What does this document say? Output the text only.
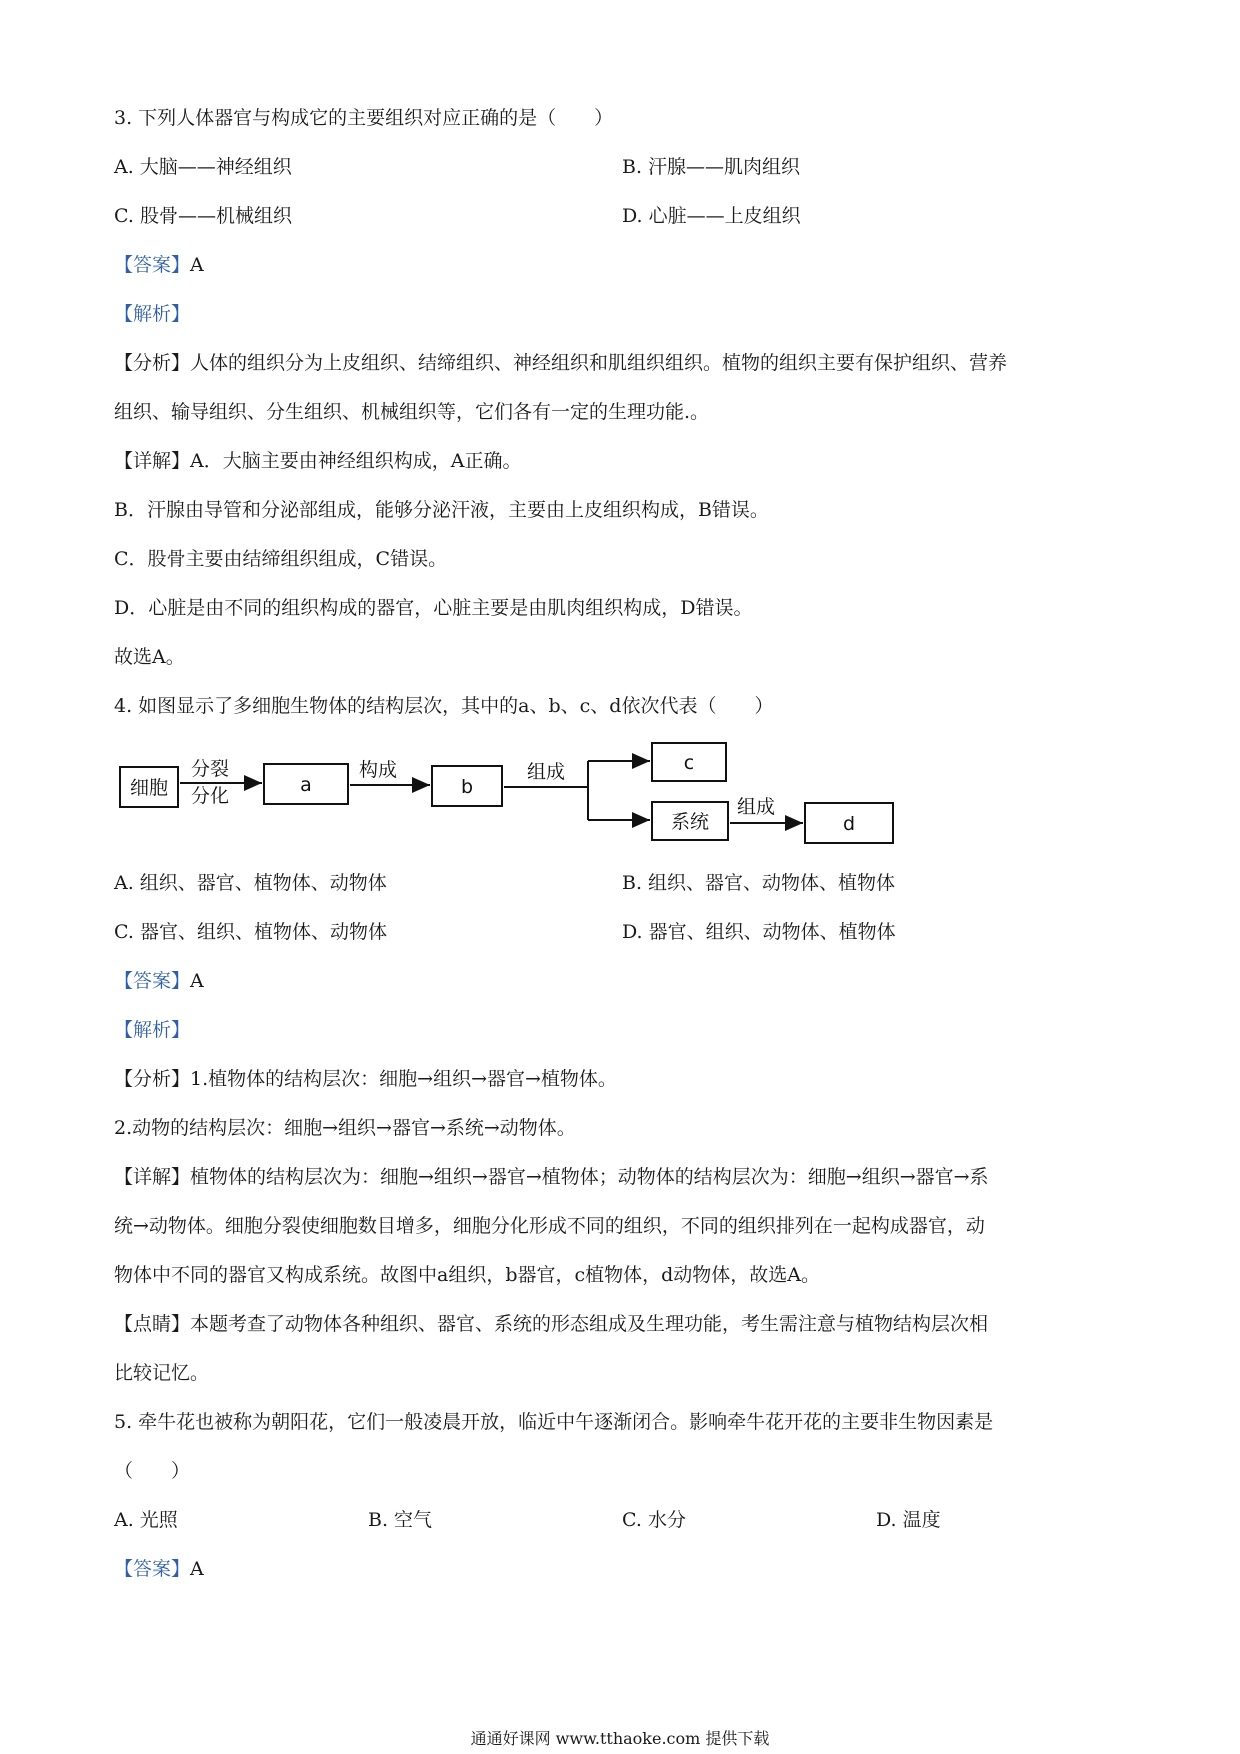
3. 下列人体器官与构成它的主要组织对应正确的是（　　）
A. 大脑——神经组织	B. 汗腺——肌肉组织
C. 股骨——机械组织	D. 心脏——上皮组织
【答案】A
【解析】
【分析】人体的组织分为上皮组织、结缔组织、神经组织和肌组织组织。植物的组织主要有保护组织、营养
组织、输导组织、分生组织、机械组织等，它们各有一定的生理功能.。
【详解】A．大脑主要由神经组织构成，A正确。
B．汗腺由导管和分泌部组成，能够分泌汗液，主要由上皮组织构成，B错误。
C．股骨主要由结缔组织组成，C错误。
D．心脏是由不同的组织构成的器官，心脏主要是由肌肉组织构成，D错误。
故选A。
4. 如图显示了多细胞生物体的结构层次，其中的a、b、c、d依次代表（　　）
细胞
分裂
分化	a
构成
b
组成	c
系统
组成
d
A. 组织、器官、植物体、动物体	B. 组织、器官、动物体、植物体
C. 器官、组织、植物体、动物体	D. 器官、组织、动物体、植物体
【答案】A
【解析】
【分析】1.植物体的结构层次：细胞→组织→器官→植物体。
2.动物的结构层次：细胞→组织→器官→系统→动物体。
【详解】植物体的结构层次为：细胞→组织→器官→植物体；动物体的结构层次为：细胞→组织→器官→系
统→动物体。细胞分裂使细胞数目增多，细胞分化形成不同的组织，不同的组织排列在一起构成器官，动
物体中不同的器官又构成系统。故图中a组织，b器官，c植物体，d动物体，故选A。
【点睛】本题考查了动物体各种组织、器官、系统的形态组成及生理功能，考生需注意与植物结构层次相
比较记忆。
5. 牵牛花也被称为朝阳花，它们一般凌晨开放，临近中午逐渐闭合。影响牵牛花开花的主要非生物因素是
（　　）
A. 光照	B. 空气	C. 水分	D. 温度
【答案】A
通通好课网 www.tthaoke.com 提供下载
